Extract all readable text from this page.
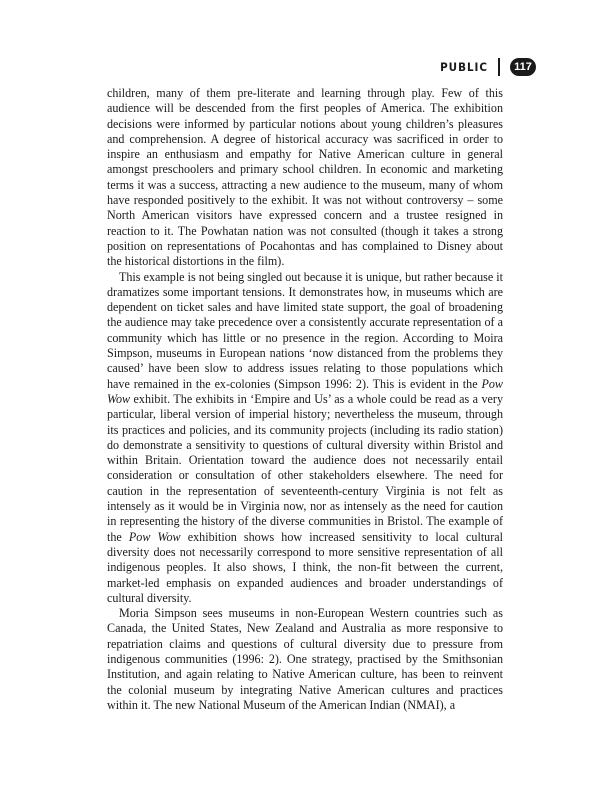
PUBLIC	117

children, many of them pre-literate and learning through play. Few of this audience will be descended from the first peoples of America. The exhibition decisions were informed by particular notions about young children’s pleasures and comprehension. A degree of historical accuracy was sacrificed in order to inspire an enthusiasm and empathy for Native American culture in general amongst preschoolers and primary school children. In economic and marketing terms it was a success, attracting a new audience to the museum, many of whom have responded positively to the exhibit. It was not without controversy – some North American visitors have expressed concern and a trustee resigned in reaction to it. The Powhatan nation was not consulted (though it takes a strong position on representations of Pocahontas and has complained to Disney about the historical distortions in the film).

This example is not being singled out because it is unique, but rather because it dramatizes some important tensions. It demonstrates how, in museums which are dependent on ticket sales and have limited state support, the goal of broadening the audience may take precedence over a consistently accurate representation of a community which has little or no presence in the region. According to Moira Simpson, museums in European nations ‘now distanced from the problems they caused’ have been slow to address issues relating to those populations which have remained in the ex-colonies (Simpson 1996: 2). This is evident in the Pow Wow exhibit. The exhibits in ‘Empire and Us’ as a whole could be read as a very particular, liberal version of imperial history; nevertheless the museum, through its practices and policies, and its community projects (including its radio station) do demonstrate a sensitivity to questions of cultural diversity within Bristol and within Britain. Orientation toward the audience does not necessarily entail consideration or consultation of other stakeholders elsewhere. The need for caution in the representation of seventeenth-century Virginia is not felt as intensely as it would be in Virginia now, nor as intensely as the need for caution in representing the history of the diverse communities in Bristol. The example of the Pow Wow exhibition shows how increased sensitivity to local cultural diversity does not necessarily correspond to more sensitive representation of all indigenous peoples. It also shows, I think, the non-fit between the current, market-led emphasis on expanded audiences and broader understandings of cultural diversity.

Moria Simpson sees museums in non-European Western countries such as Canada, the United States, New Zealand and Australia as more responsive to repatriation claims and questions of cultural diversity due to pressure from indigenous communities (1996: 2). One strategy, practised by the Smithsonian Institution, and again relating to Native American culture, has been to reinvent the colonial museum by integrating Native American cultures and practices within it. The new National Museum of the American Indian (NMAI), a
